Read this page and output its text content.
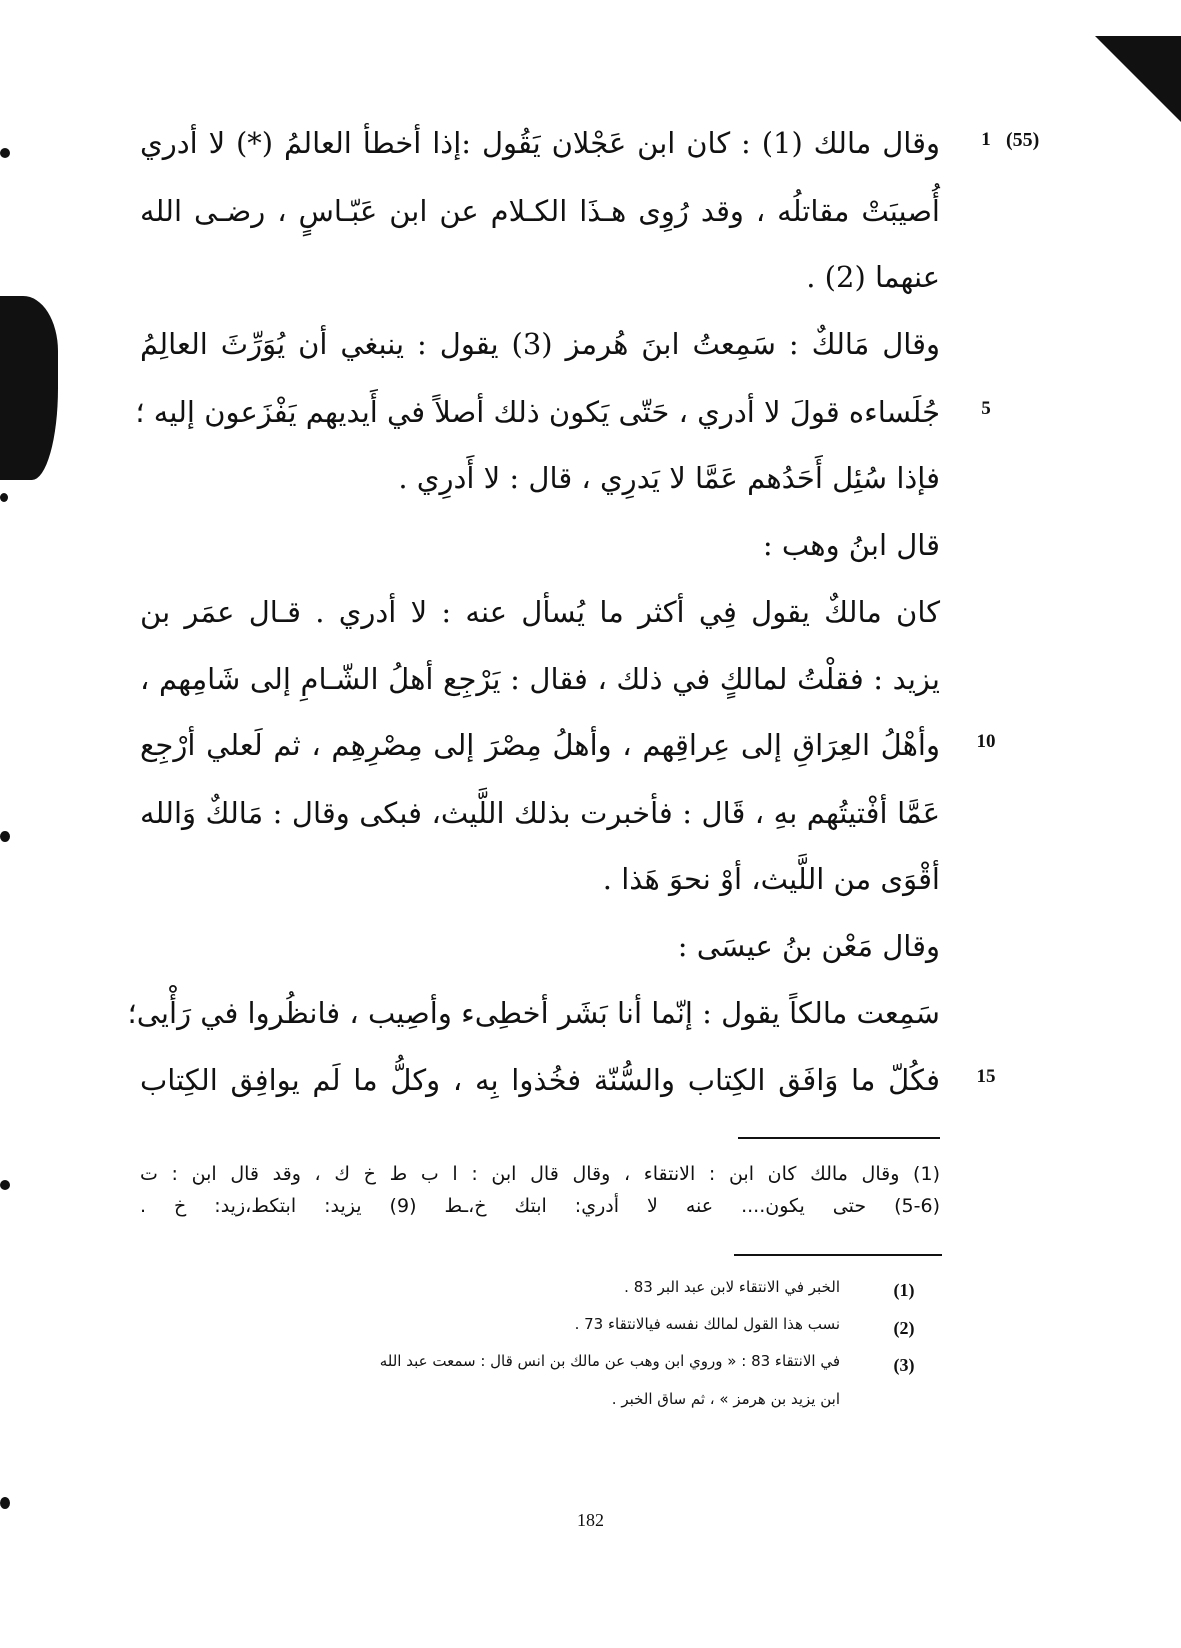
(55)
1
5
10
15
وقال مالك (1) : كان ابن عَجْلان يَقُول :إذا أخطأ العالمُ (*) لا أدري
أُصيبَتْ مقاتلُه ، وقد رُوِى هـذَا الكـلام عن ابن عَبّـاسٍ ، رضـى الله
عنهما (2) .
وقال مَالكٌ : سَمِعتُ ابنَ هُرمز (3) يقول : ينبغي أن يُوَرِّثَ العالِمُ
جُلَساءه قولَ لا أدري ، حَتّى يَكون ذلك أصلاً في أَيديهم يَفْزَعون إليه ؛
فإذا سُئِل أَحَدُهم عَمَّا لا يَدرِي ، قال : لا أَدرِي .
قال ابنُ وهب :
كان مالكٌ يقول فِي أكثر ما يُسأل عنه : لا أدري . قـال عمَر بن
يزيد : فقلْتُ لمالكٍ في ذلك ، فقال : يَرْجِع أهلُ الشّـامِ إلى شَامِهم ،
وأهْلُ العِرَاقِ إلى عِراقِهم ، وأهلُ مِصْرَ إلى مِصْرِهِم ، ثم لَعلي أرْجِع
عَمَّا أفْتيتُهم بهِ ، قَال : فأخبرت بذلك اللَّيث، فبكى وقال : مَالكٌ وَالله
أقْوَى من اللَّيث، أوْ نحوَ هَذا .
وقال مَعْن بنُ عيسَى :
سَمِعت مالكاً يقول : إنّما أنا بَشَر أخطِىء وأصِيب ، فانظُروا في رَأْيى؛
فكُلّ ما وَافَق الكِتاب والسُّنّة فخُذوا بِه ، وكلُّ ما لَم يوافِق الكِتاب
(1) وقال مالك كان ابن : الانتقاء ، وقال قال ابن : ا ب ط خ ك ، وقد قال ابن : ت
(5-6) حتى يكون.... عنه لا أدري: ابتك خ،ـط (9) يزيد: ابتكط،زيد: خ .
(1)
الخبر في الانتقاء لابن عبد البر 83 .
(2)
نسب هذا القول لمالك نفسه فيالانتقاء 73 .
(3)
في الانتقاء 83 : « وروي ابن وهب عن مالك بن انس قال : سمعت عبد الله
ابن يزيد بن هرمز » ، ثم ساق الخبر .
182
